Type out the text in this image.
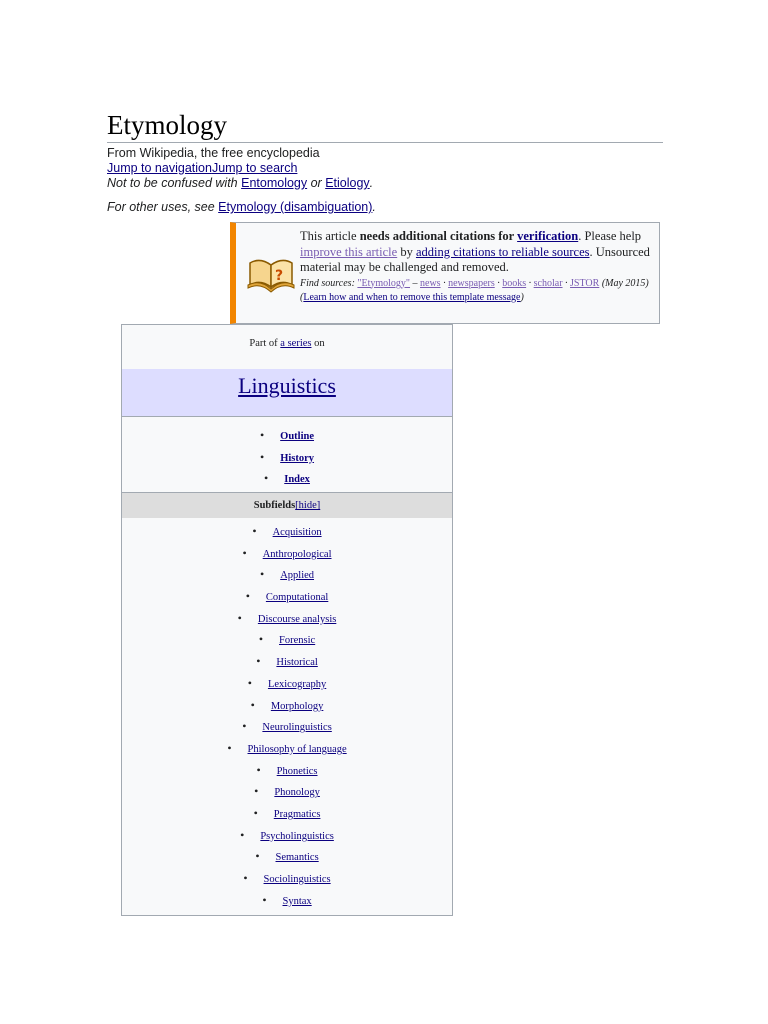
Etymology
From Wikipedia, the free encyclopedia
Jump to navigationJump to search
Not to be confused with Entomology or Etiology.
For other uses, see Etymology (disambiguation).
?
This article needs additional citations for verification. Please help improve this article by adding citations to reliable sources. Unsourced material may be challenged and removed.
Find sources: "Etymology" – news · newspapers · books · scholar · JSTOR (May 2015) (Learn how and when to remove this template message)
Part of a series on
Linguistics
• Outline
• History
• Index
Subfields[hide]
• Acquisition
• Anthropological
• Applied
• Computational
• Discourse analysis
• Forensic
• Historical
• Lexicography
• Morphology
• Neurolinguistics
• Philosophy of language
• Phonetics
• Phonology
• Pragmatics
• Psycholinguistics
• Semantics
• Sociolinguistics
• Syntax
